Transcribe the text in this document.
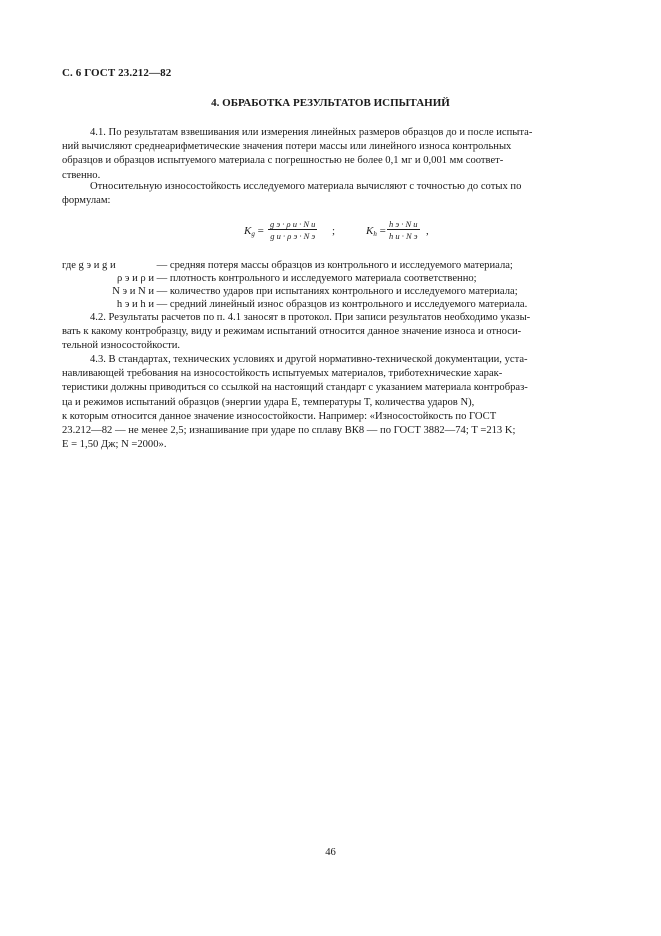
С. 6 ГОСТ 23.212—82
4. ОБРАБОТКА РЕЗУЛЬТАТОВ ИСПЫТАНИЙ
4.1. По результатам взвешивания или измерения линейных размеров образцов до и после испыта-
ний вычисляют среднеарифметические значения потери массы или линейного износа контрольных
образцов и образцов испытуемого материала с погрешностью не более 0,1 мг и 0,001 мм соответ-
ственно.
Относительную износостойкость исследуемого материала вычисляют с точностью до сотых по
формулам:
$K_g$ =
g э · ρ и · N и
g и · ρ э · N э ;	$K_h$ =
h э · N и
h и · N э ,
где g э и g и	— средняя потеря массы образцов из контрольного и исследуемого материала;
ρ э и ρ и — плотность контрольного и исследуемого материала соответственно;
N э и N и — количество ударов при испытаниях контрольного и исследуемого материала;
h э и h и — средний линейный износ образцов из контрольного и исследуемого материала.
4.2. Результаты расчетов по п. 4.1 заносят в протокол. При записи результатов необходимо указы-
вать к какому контробразцу, виду и режимам испытаний относится данное значение износа и относи-
тельной износостойкости.
4.3. В стандартах, технических условиях и другой нормативно-технической документации, уста-
навливающей требования на износостойкость испытуемых материалов, триботехнические харак-
теристики должны приводиться со ссылкой на настоящий стандарт с указанием материала контробраз-
ца и режимов испытаний образцов (энергии удара E, температуры T, количества ударов N),
к которым относится данное значение износостойкости. Например: «Износостойкость по ГОСТ
23.212—82 — не менее 2,5; изнашивание при ударе по сплаву ВК8 — по ГОСТ 3882—74; T =213 K;
E = 1,50 Дж; N =2000».
46
